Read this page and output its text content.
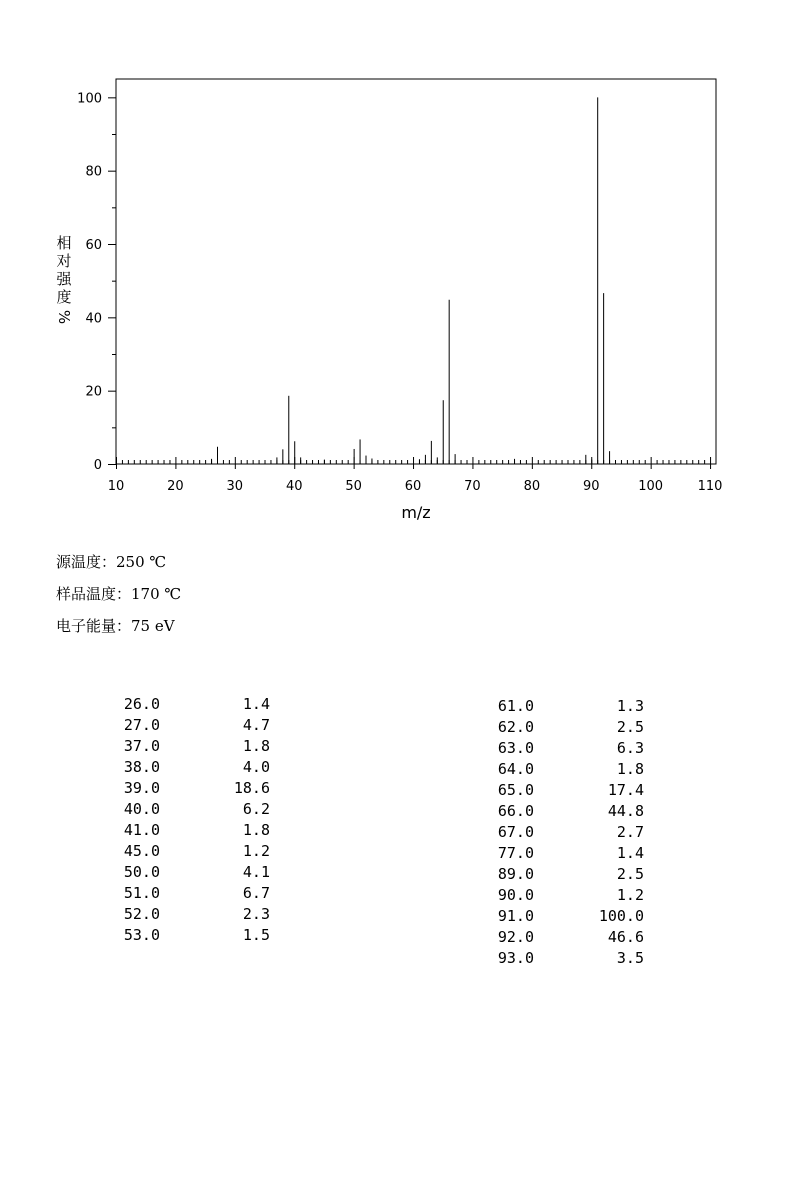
10	20	30	40	50	60	70	80	90	100	110
0
20
40
60
80
100
m/z
相
对
强
度
%
源温度：250 ℃
样品温度：170 ℃
电子能量：75 eV
26.0	1.4
27.0	4.7
37.0	1.8
38.0	4.0
39.0	18.6
40.0	6.2
41.0	1.8
45.0	1.2
50.0	4.1
51.0	6.7
52.0	2.3
53.0	1.5
61.0	1.3
62.0	2.5
63.0	6.3
64.0	1.8
65.0	17.4
66.0	44.8
67.0	2.7
77.0	1.4
89.0	2.5
90.0	1.2
91.0	100.0
92.0	46.6
93.0	3.5
